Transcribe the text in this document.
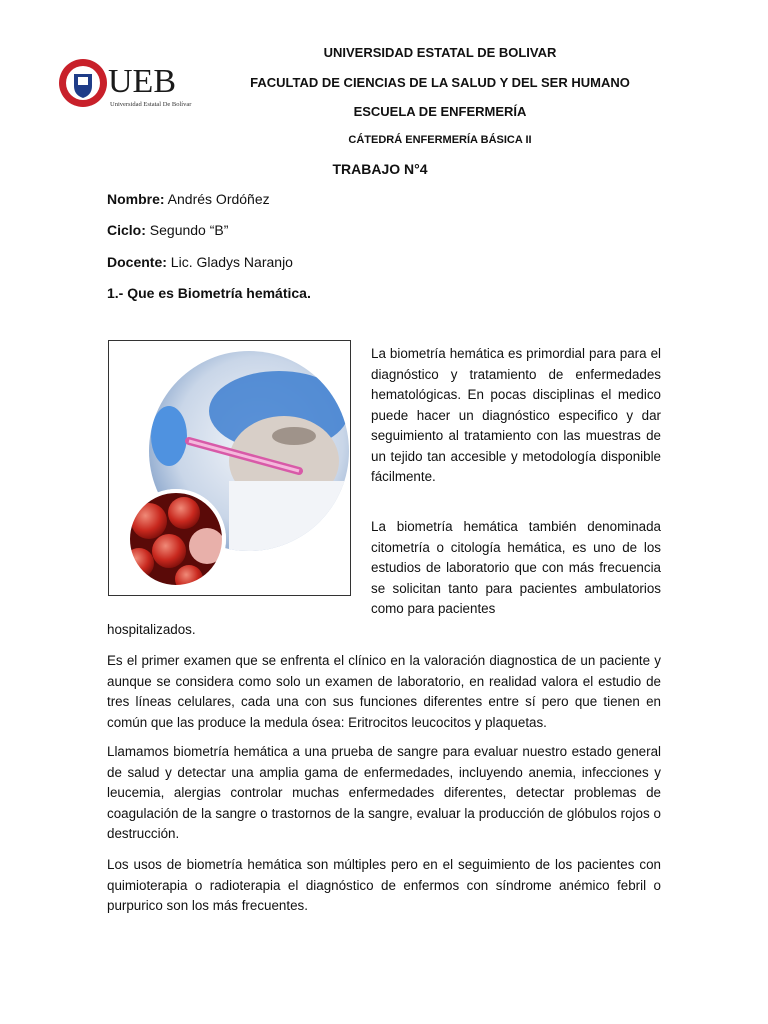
UEB
Universidad Estatal De Bolívar
UNIVERSIDAD ESTATAL DE BOLIVAR
FACULTAD DE CIENCIAS DE LA SALUD Y DEL SER HUMANO
ESCUELA DE ENFERMERÍA
CÁTEDRÁ ENFERMERÍA BÁSICA II
TRABAJO N°4
Nombre: Andrés Ordóñez
Ciclo: Segundo “B”
Docente: Lic. Gladys Naranjo
1.- Que es Biometría hemática.
La biometría hemática es primordial para para el diagnóstico y tratamiento de enfermedades hematológicas. En pocas disciplinas el medico puede hacer un diagnóstico especifico y dar seguimiento al tratamiento con las muestras de un tejido tan accesible y metodología disponible fácilmente.
La biometría hemática también denominada citometría o citología hemática, es uno de los estudios de laboratorio que con más frecuencia se solicitan tanto para pacientes ambulatorios como para pacientes
hospitalizados.
Es el primer examen que se enfrenta el clínico en la valoración diagnostica de un paciente y aunque se considera como solo un examen de laboratorio, en realidad valora el estudio de tres líneas celulares, cada una con sus funciones diferentes entre sí pero que tienen en común que las produce la medula ósea: Eritrocitos leucocitos y plaquetas.
Llamamos biometría hemática a una prueba de sangre para evaluar nuestro estado general de salud y detectar una amplia gama de enfermedades, incluyendo anemia, infecciones y leucemia, alergias controlar muchas enfermedades diferentes, detectar problemas de coagulación de la sangre o trastornos de la sangre, evaluar la producción de glóbulos rojos o destrucción.
Los usos de biometría hemática son múltiples pero en el seguimiento de los pacientes con quimioterapia o radioterapia el diagnóstico de enfermos con síndrome anémico febril o purpurico son los más frecuentes.
